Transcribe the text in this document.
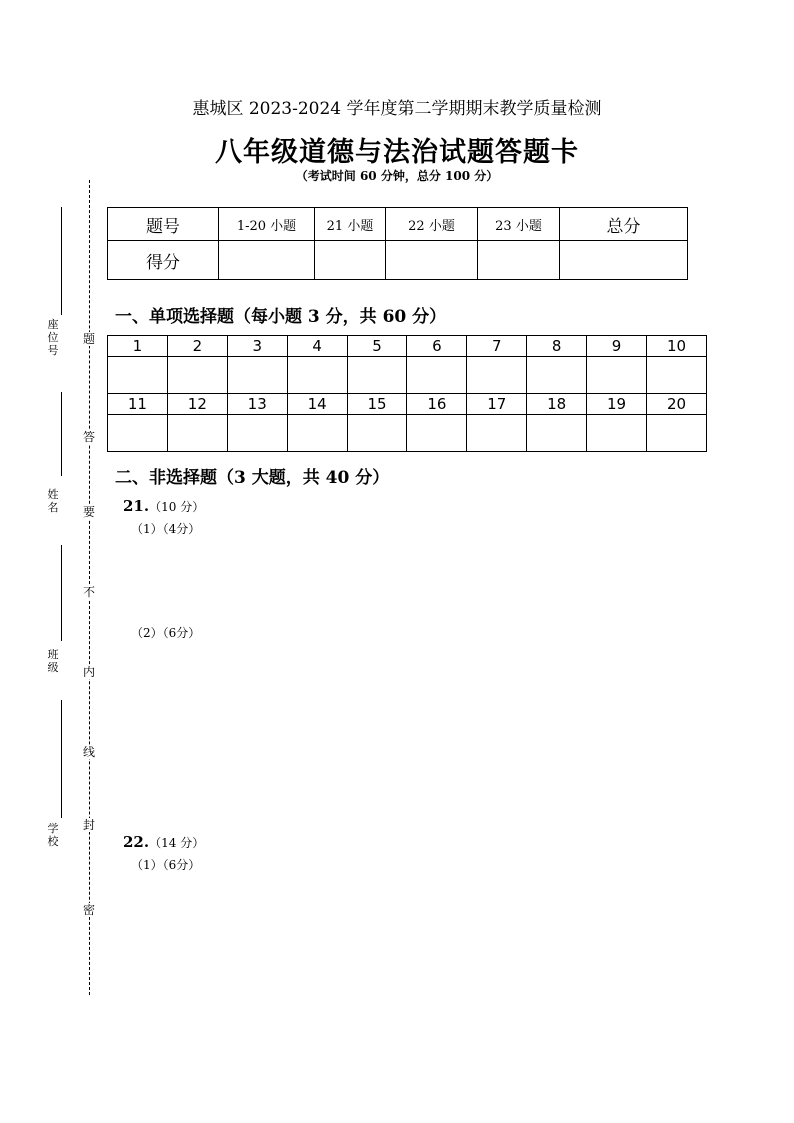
惠城区 2023-2024 学年度第二学期期末教学质量检测
八年级道德与法治试题答题卡
（考试时间 60 分钟，总分 100 分）
座位号
姓名
班级
学校
题
答
要
不
内
线
封
密
题号	1-20 小题	21 小题	22 小题	23 小题	总分
得分					
一、单项选择题（每小题 3 分，共 60 分）
1	2	3	4	5	6	7	8	9	10

11	12	13	14	15	16	17	18	19	20

二、非选择题（3 大题，共 40 分）
21.（10 分）
（1）（4分）
（2）（6分）
22.（14 分）
（1）（6分）
